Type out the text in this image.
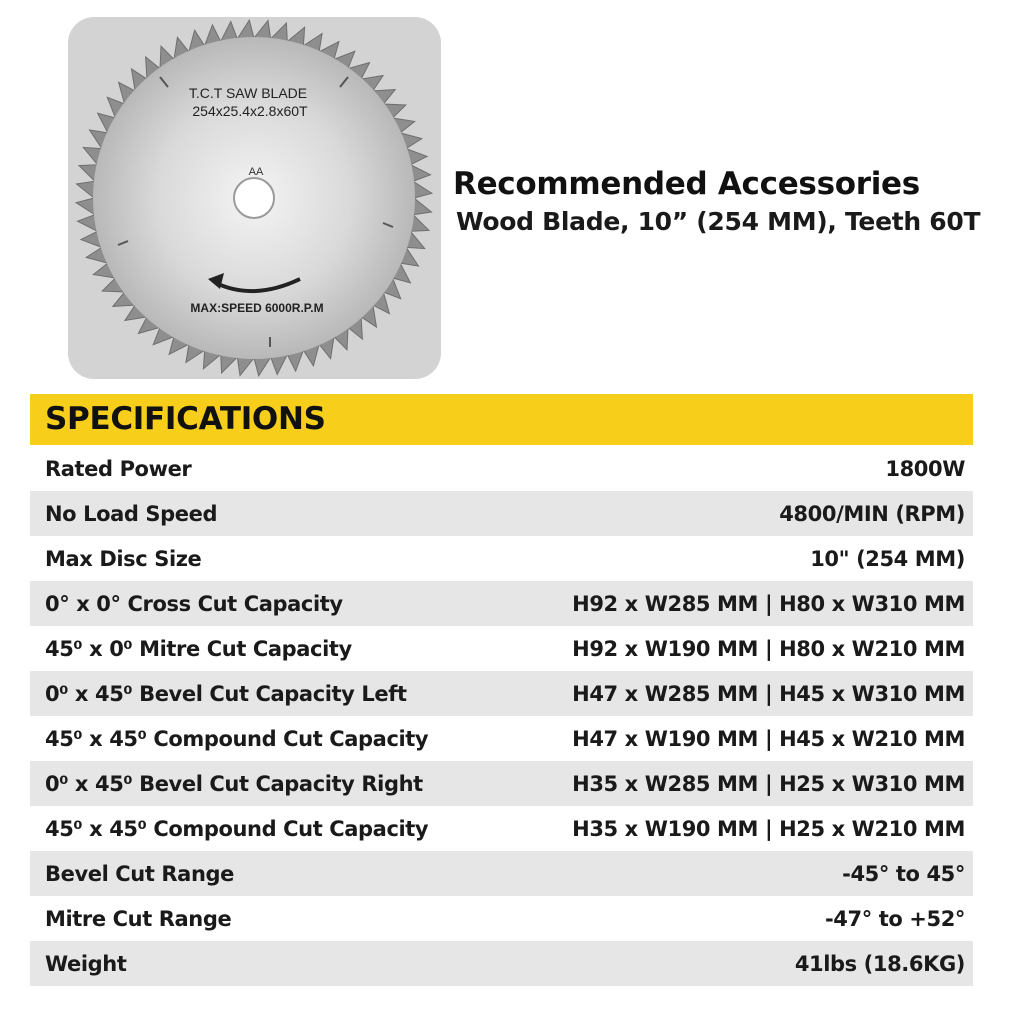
T.C.T SAW BLADE
254x25.4x2.8x60T
AA
MAX:SPEED 6000R.P.M
Recommended Accessories
Wood Blade, 10” (254 MM), Teeth 60T
SPECIFICATIONS
Rated Power	1800W
No Load Speed	4800/MIN (RPM)
Max Disc Size	10" (254 MM)
0° x 0° Cross Cut Capacity	H92 x W285 MM | H80 x W310 MM
45⁰ x 0⁰ Mitre Cut Capacity	H92 x W190 MM | H80 x W210 MM
0⁰ x 45⁰ Bevel Cut Capacity Left	H47 x W285 MM | H45 x W310 MM
45⁰ x 45⁰ Compound Cut Capacity	H47 x W190 MM | H45 x W210 MM
0⁰ x 45⁰ Bevel Cut Capacity Right	H35 x W285 MM | H25 x W310 MM
45⁰ x 45⁰ Compound Cut Capacity	H35 x W190 MM | H25 x W210 MM
Bevel Cut Range	-45° to 45°
Mitre Cut Range	-47° to +52°
Weight	41lbs (18.6KG)
